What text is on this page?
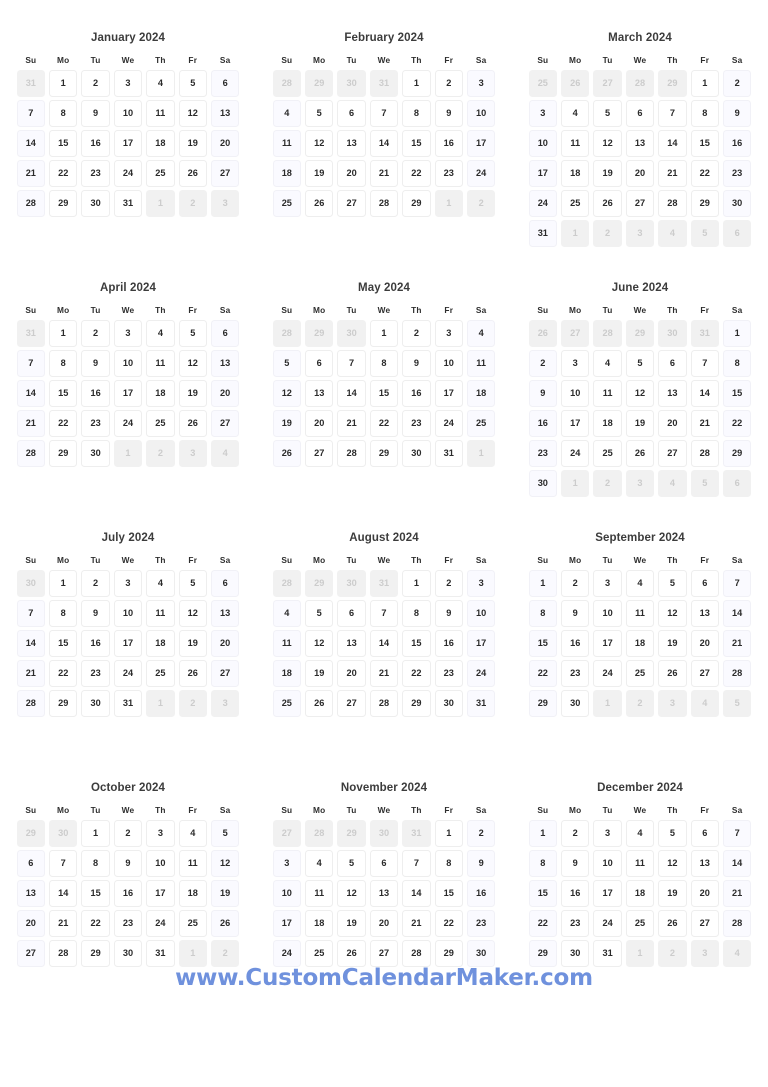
January 2024
Su	Mo	Tu	We	Th	Fr	Sa
31	1	2	3	4	5	6
7	8	9	10	11	12	13
14	15	16	17	18	19	20
21	22	23	24	25	26	27
28	29	30	31	1	2	3
February 2024
Su	Mo	Tu	We	Th	Fr	Sa
28	29	30	31	1	2	3
4	5	6	7	8	9	10
11	12	13	14	15	16	17
18	19	20	21	22	23	24
25	26	27	28	29	1	2
March 2024
Su	Mo	Tu	We	Th	Fr	Sa
25	26	27	28	29	1	2
3	4	5	6	7	8	9
10	11	12	13	14	15	16
17	18	19	20	21	22	23
24	25	26	27	28	29	30
31	1	2	3	4	5	6
April 2024
Su	Mo	Tu	We	Th	Fr	Sa
31	1	2	3	4	5	6
7	8	9	10	11	12	13
14	15	16	17	18	19	20
21	22	23	24	25	26	27
28	29	30	1	2	3	4
May 2024
Su	Mo	Tu	We	Th	Fr	Sa
28	29	30	1	2	3	4
5	6	7	8	9	10	11
12	13	14	15	16	17	18
19	20	21	22	23	24	25
26	27	28	29	30	31	1
June 2024
Su	Mo	Tu	We	Th	Fr	Sa
26	27	28	29	30	31	1
2	3	4	5	6	7	8
9	10	11	12	13	14	15
16	17	18	19	20	21	22
23	24	25	26	27	28	29
30	1	2	3	4	5	6
July 2024
Su	Mo	Tu	We	Th	Fr	Sa
30	1	2	3	4	5	6
7	8	9	10	11	12	13
14	15	16	17	18	19	20
21	22	23	24	25	26	27
28	29	30	31	1	2	3
August 2024
Su	Mo	Tu	We	Th	Fr	Sa
28	29	30	31	1	2	3
4	5	6	7	8	9	10
11	12	13	14	15	16	17
18	19	20	21	22	23	24
25	26	27	28	29	30	31
September 2024
Su	Mo	Tu	We	Th	Fr	Sa
1	2	3	4	5	6	7
8	9	10	11	12	13	14
15	16	17	18	19	20	21
22	23	24	25	26	27	28
29	30	1	2	3	4	5
October 2024
Su	Mo	Tu	We	Th	Fr	Sa
29	30	1	2	3	4	5
6	7	8	9	10	11	12
13	14	15	16	17	18	19
20	21	22	23	24	25	26
27	28	29	30	31	1	2
November 2024
Su	Mo	Tu	We	Th	Fr	Sa
27	28	29	30	31	1	2
3	4	5	6	7	8	9
10	11	12	13	14	15	16
17	18	19	20	21	22	23
24	25	26	27	28	29	30
December 2024
Su	Mo	Tu	We	Th	Fr	Sa
1	2	3	4	5	6	7
8	9	10	11	12	13	14
15	16	17	18	19	20	21
22	23	24	25	26	27	28
29	30	31	1	2	3	4
www.CustomCalendarMaker.com
